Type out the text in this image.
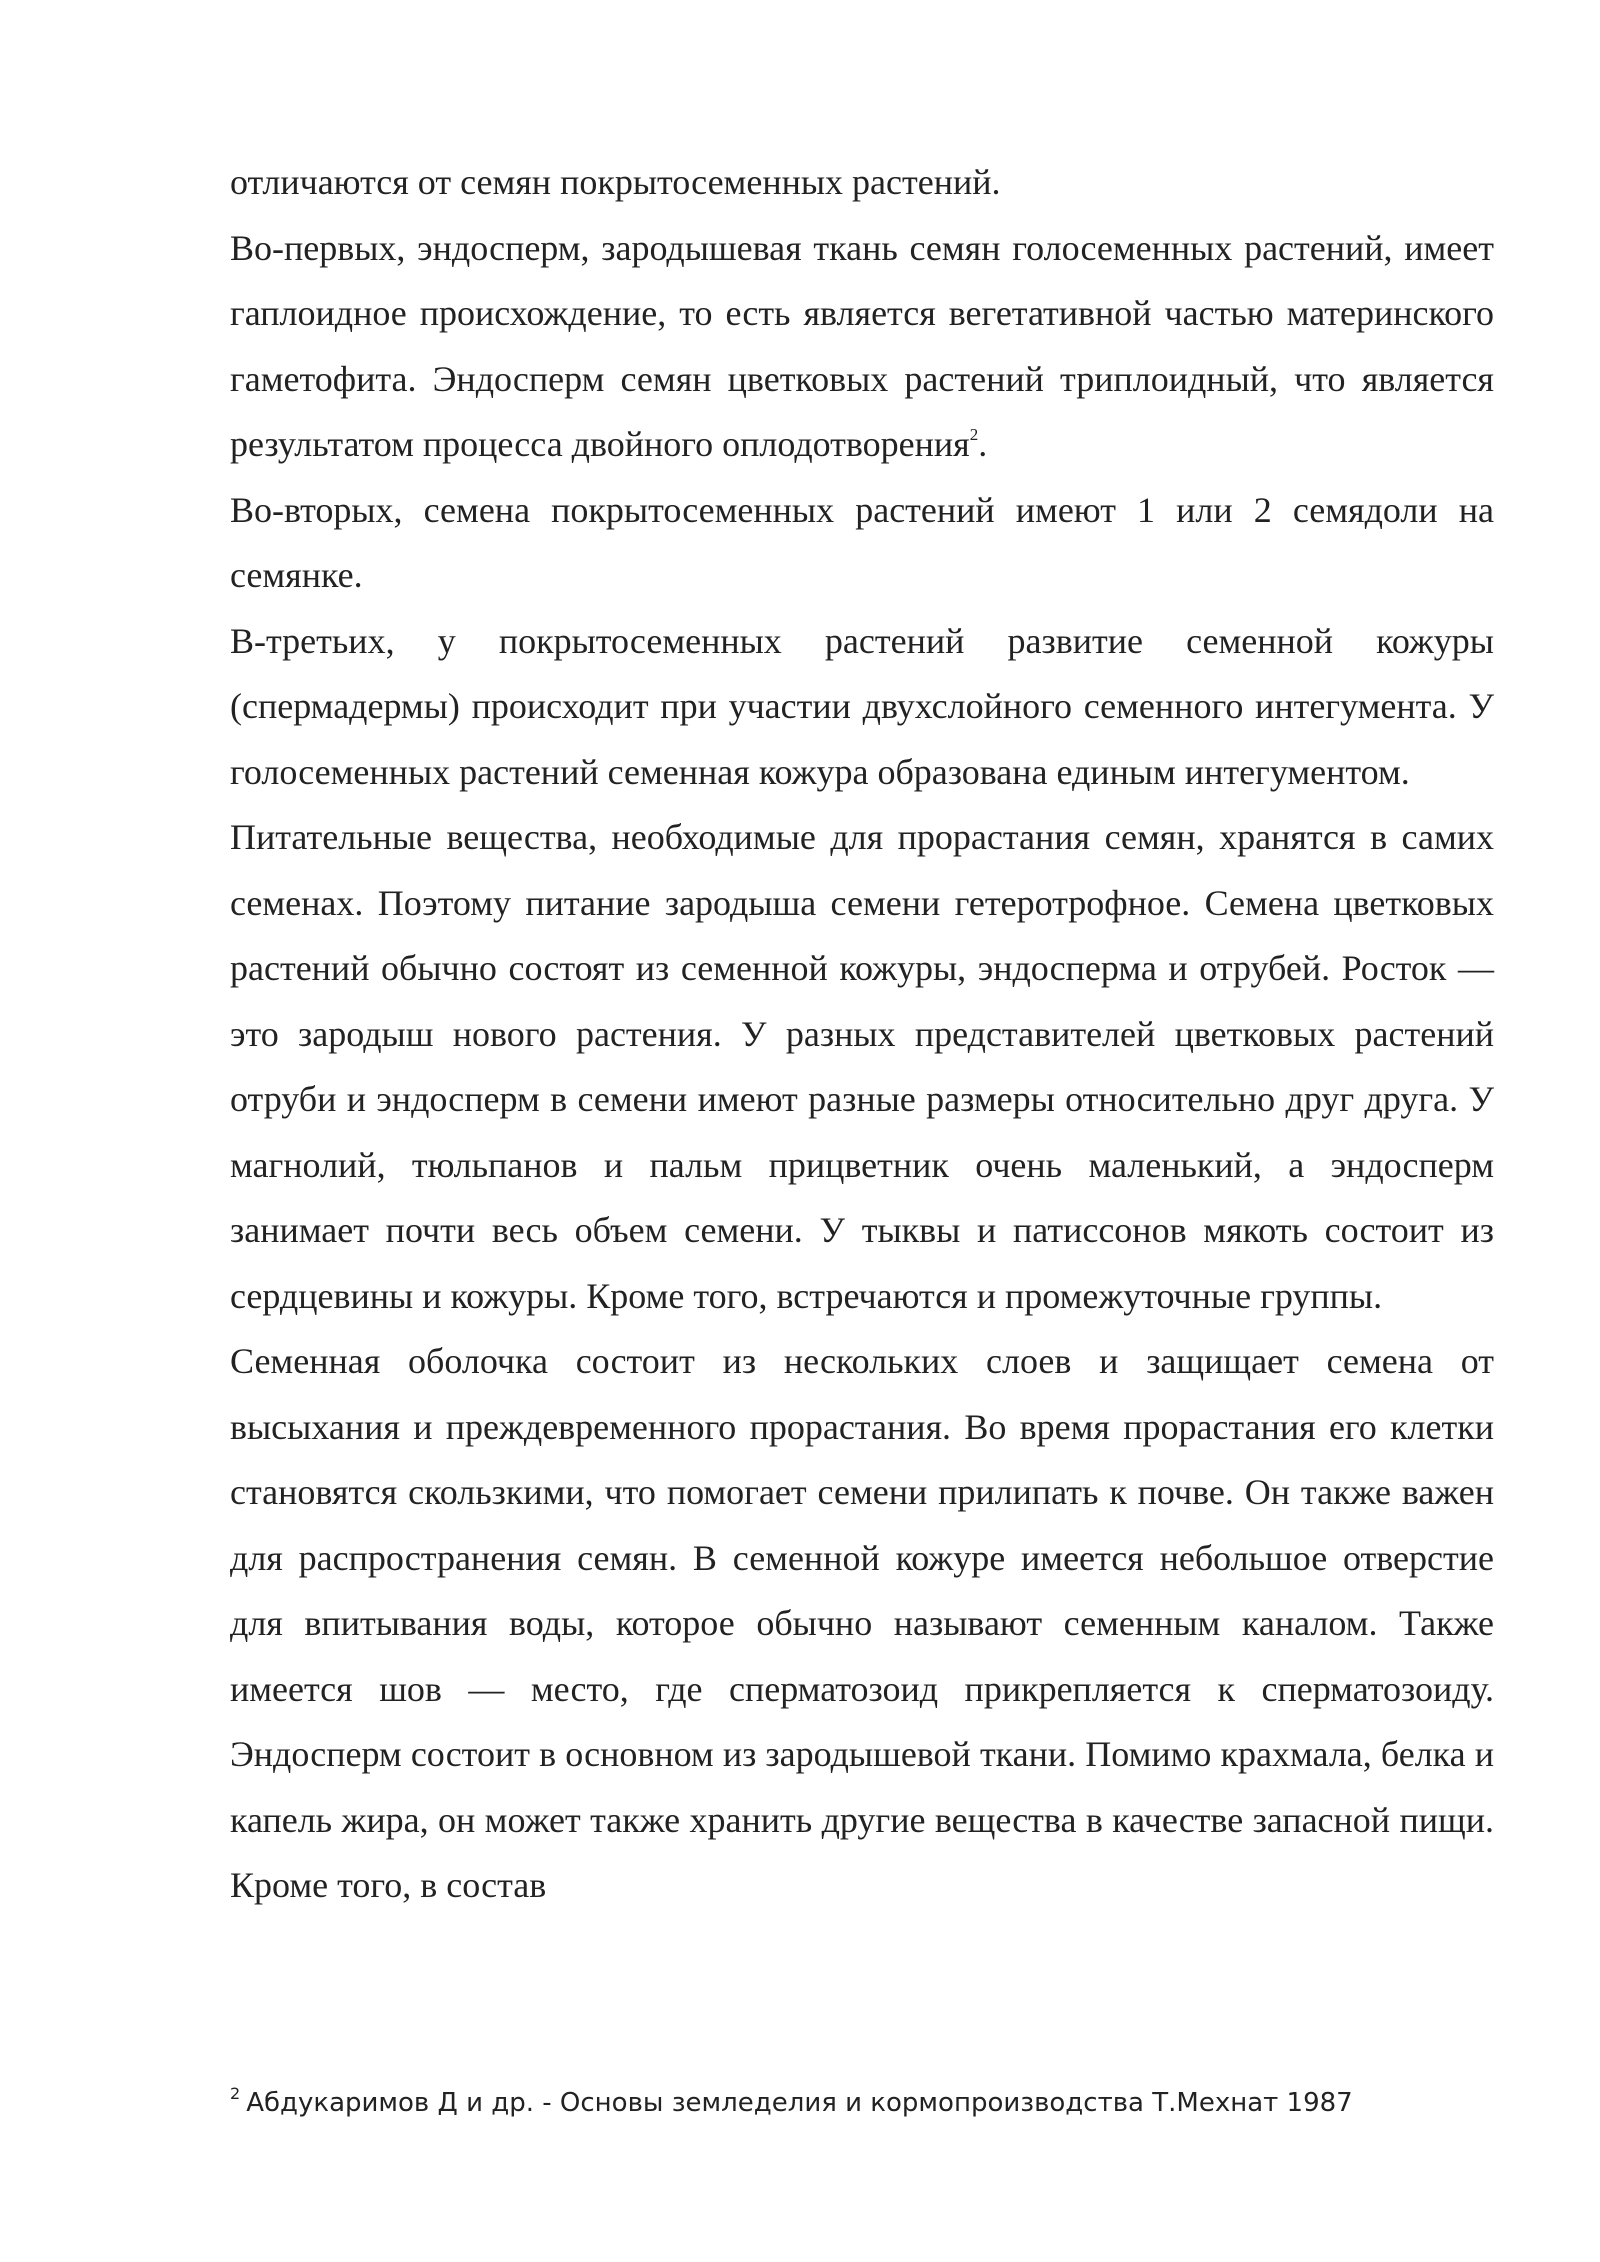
отличаются от семян покрытосеменных растений.

Во-первых, эндосперм, зародышевая ткань семян голосеменных растений, имеет гаплоидное происхождение, то есть является вегетативной частью материнского гаметофита. Эндосперм семян цветковых растений триплоидный, что является результатом процесса двойного оплодотворения$^2$.

Во-вторых, семена покрытосеменных растений имеют 1 или 2 семядоли на семянке.

В-третьих, у покрытосеменных растений развитие семенной кожуры (спермадермы) происходит при участии двухслойного семенного интегумента. У голосеменных растений семенная кожура образована единым интегументом.

Питательные вещества, необходимые для прорастания семян, хранятся в самих семенах. Поэтому питание зародыша семени гетеротрофное. Семена цветковых растений обычно состоят из семенной кожуры, эндосперма и отрубей. Росток — это зародыш нового растения. У разных представителей цветковых растений отруби и эндосперм в семени имеют разные размеры относительно друг друга. У магнолий, тюльпанов и пальм прицветник очень маленький, а эндосперм занимает почти весь объем семени. У тыквы и патиссонов мякоть состоит из сердцевины и кожуры. Кроме того, встречаются и промежуточные группы.

Семенная оболочка состоит из нескольких слоев и защищает семена от высыхания и преждевременного прорастания. Во время прорастания его клетки становятся скользкими, что помогает семени прилипать к почве. Он также важен для распространения семян. В семенной кожуре имеется небольшое отверстие для впитывания воды, которое обычно называют семенным каналом. Также имеется шов — место, где сперматозоид прикрепляется к сперматозоиду. Эндосперм состоит в основном из зародышевой ткани. Помимо крахмала, белка и капель жира, он может также хранить другие вещества в качестве запасной пищи. Кроме того, в состав

$^2$ Абдукаримов Д и др. - Основы земледелия и кормопроизводства Т.Мехнат 1987
